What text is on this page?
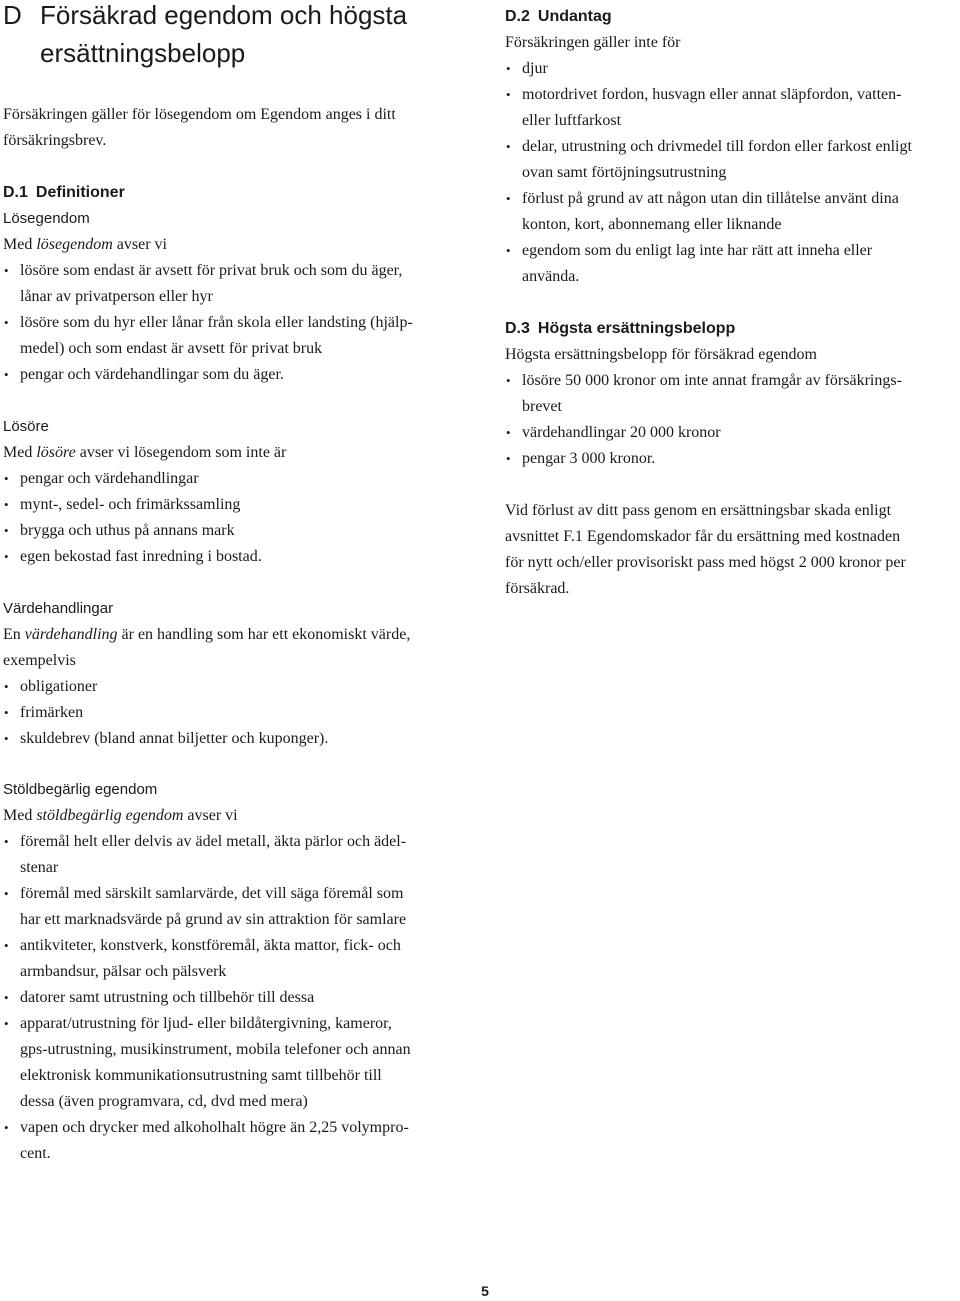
D Försäkrad egendom och högsta
ersättningsbelopp

Försäkringen gäller för lösegendom om Egendom anges i ditt
försäkringsbrev.

D.1 Definitioner
Lösegendom

Med lösegendom avser vi

• lösöre som endast är avsett för privat bruk och som du äger,
lånar av privatperson eller hyr
• lösöre som du hyr eller lånar från skola eller landsting (hjälp-
medel) och som endast är avsett för privat bruk
• pengar och värdehandlingar som du äger.
Lösöre

Med lösöre avser vi lösegendom som inte är

• pengar och värdehandlingar
• mynt-, sedel- och frimärkssamling
• brygga och uthus på annans mark
• egen bekostad fast inredning i bostad.
Värdehandlingar

En värdehandling är en handling som har ett ekonomiskt värde,
exempelvis

• obligationer
• frimärken
• skuldebrev (bland annat biljetter och kuponger).
Stöldbegärlig egendom

Med stöldbegärlig egendom avser vi

• föremål helt eller delvis av ädel metall, äkta pärlor och ädel-
stenar
• föremål med särskilt samlarvärde, det vill säga föremål som
har ett marknadsvärde på grund av sin attraktion för samlare
• antikviteter, konstverk, konstföremål, äkta mattor, fick- och
armbandsur, pälsar och pälsverk
• datorer samt utrustning och tillbehör till dessa
• apparat/utrustning för ljud- eller bildåtergivning, kameror,
gps-utrustning, musikinstrument, mobila telefoner och annan
elektronisk kommunikationsutrustning samt tillbehör till
dessa (även programvara, cd, dvd med mera)
• vapen och drycker med alkoholhalt högre än 2,25 volympro-
cent.
D.2 Undantag

Försäkringen gäller inte för

• djur
• motordrivet fordon, husvagn eller annat släpfordon, vatten-
eller luftfarkost
• delar, utrustning och drivmedel till fordon eller farkost enligt
ovan samt förtöjningsutrustning
• förlust på grund av att någon utan din tillåtelse använt dina
konton, kort, abonnemang eller liknande
• egendom som du enligt lag inte har rätt att inneha eller
använda.
D.3 Högsta ersättningsbelopp

Högsta ersättningsbelopp för försäkrad egendom

• lösöre 50 000 kronor om inte annat framgår av försäkrings-
brevet
• värdehandlingar 20 000 kronor
• pengar 3 000 kronor.

Vid förlust av ditt pass genom en ersättningsbar skada enligt
avsnittet F.1 Egendomskador får du ersättning med kostnaden
för nytt och/eller provisoriskt pass med högst 2 000 kronor per
försäkrad.

5
